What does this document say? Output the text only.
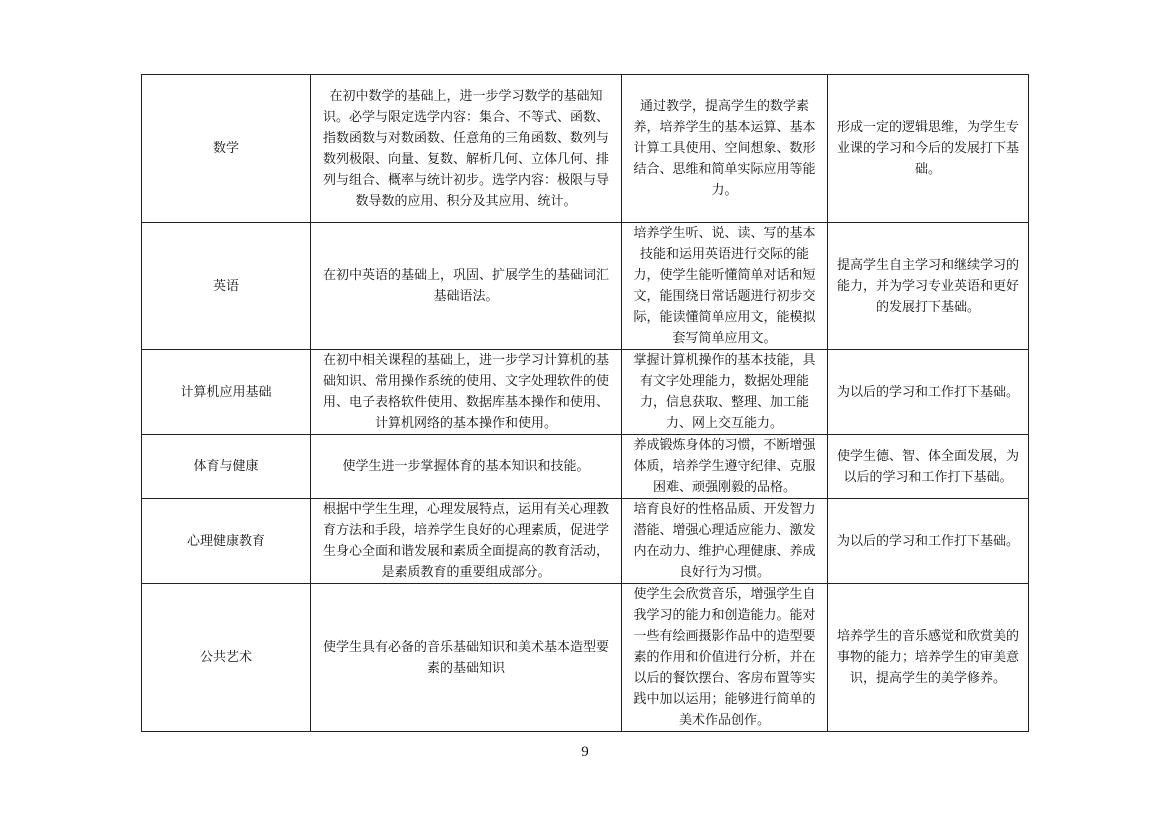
数学	在初中数学的基础上，进一步学习数学的基础知识。必学与限定选学内容：集合、不等式、函数、指数函数与对数函数、任意角的三角函数、数列与数列极限、向量、复数、解析几何、立体几何、排列与组合、概率与统计初步。选学内容：极限与导数导数的应用、积分及其应用、统计。	通过教学，提高学生的数学素养，培养学生的基本运算、基本计算工具使用、空间想象、数形结合、思维和简单实际应用等能力。	形成一定的逻辑思维，为学生专业课的学习和今后的发展打下基础。
英语	在初中英语的基础上，巩固、扩展学生的基础词汇基础语法。	培养学生听、说、读、写的基本技能和运用英语进行交际的能力，使学生能听懂简单对话和短文，能围绕日常话题进行初步交际，能读懂简单应用文，能模拟套写简单应用文。	提高学生自主学习和继续学习的能力，并为学习专业英语和更好的发展打下基础。
计算机应用基础	在初中相关课程的基础上，进一步学习计算机的基础知识、常用操作系统的使用、文字处理软件的使用、电子表格软件使用、数据库基本操作和使用、计算机网络的基本操作和使用。	掌握计算机操作的基本技能，具有文字处理能力，数据处理能力，信息获取、整理、加工能力、网上交互能力。	为以后的学习和工作打下基础。
体育与健康	使学生进一步掌握体育的基本知识和技能。	养成锻炼身体的习惯，不断增强体质，培养学生遵守纪律、克服困难、顽强刚毅的品格。	使学生德、智、体全面发展，为以后的学习和工作打下基础。
心理健康教育	根据中学生生理，心理发展特点，运用有关心理教育方法和手段，培养学生良好的心理素质，促进学生身心全面和谐发展和素质全面提高的教育活动，是素质教育的重要组成部分。	培育良好的性格品质、开发智力潜能、增强心理适应能力、激发内在动力、维护心理健康、养成良好行为习惯。	为以后的学习和工作打下基础。
公共艺术	使学生具有必备的音乐基础知识和美术基本造型要素的基础知识	使学生会欣赏音乐，增强学生自我学习的能力和创造能力。能对一些有绘画摄影作品中的造型要素的作用和价值进行分析，并在以后的餐饮摆台、客房布置等实践中加以运用；能够进行简单的美术作品创作。	培养学生的音乐感觉和欣赏美的事物的能力；培养学生的审美意识，提高学生的美学修养。
9
